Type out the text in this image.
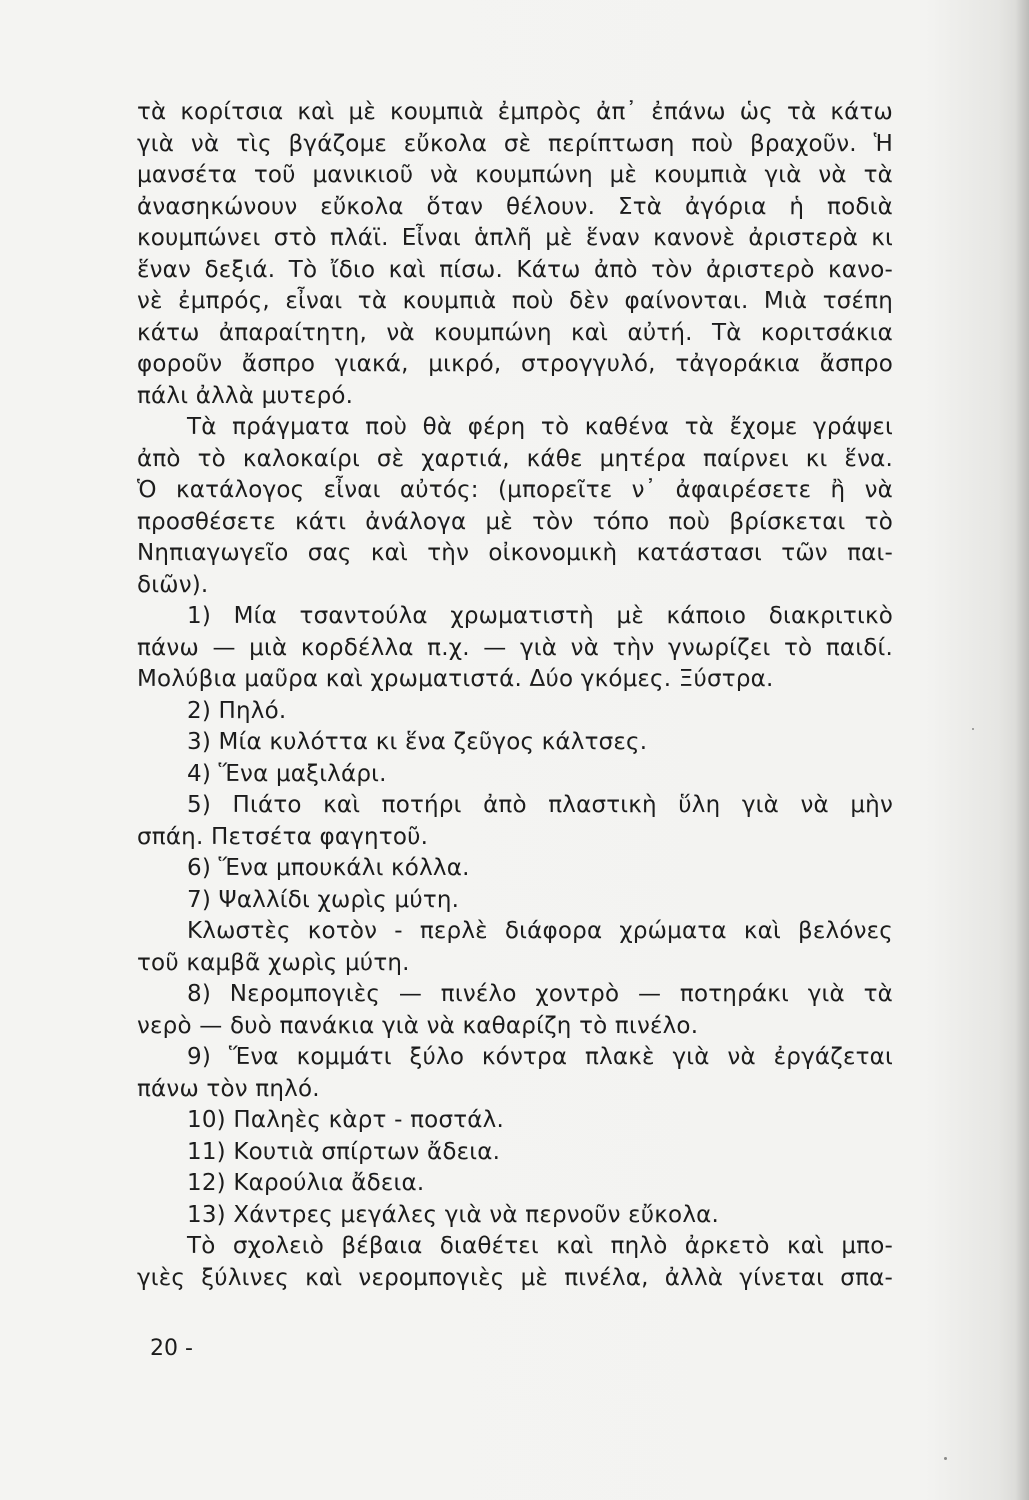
τὰ κορίτσια καὶ μὲ κουμπιὰ ἐμπρὸς ἀπ᾽ ἐπάνω ὡς τὰ κάτω
γιὰ νὰ τὶς βγάζομε εὔκολα σὲ περίπτωση ποὺ βραχοῦν. Ἡ
μανσέτα τοῦ μανικιοῦ νὰ κουμπώνη μὲ κουμπιὰ γιὰ νὰ τὰ
ἀνασηκώνουν εὔκολα ὅταν θέλουν. Στὰ ἀγόρια ἡ ποδιὰ
κουμπώνει στὸ πλάϊ. Εἶναι ἁπλῆ μὲ ἕναν κανονὲ ἀριστερὰ κι
ἕναν δεξιά. Τὸ ἴδιο καὶ πίσω. Κάτω ἀπὸ τὸν ἀριστερὸ κανο-
νὲ ἐμπρός, εἶναι τὰ κουμπιὰ ποὺ δὲν φαίνονται. Μιὰ τσέπη
κάτω ἀπαραίτητη, νὰ κουμπώνη καὶ αὐτή. Τὰ κοριτσάκια
φοροῦν ἄσπρο γιακά, μικρό, στρογγυλό, τἀγοράκια ἄσπρο
πάλι ἀλλὰ μυτερό.
Τὰ πράγματα ποὺ θὰ φέρη τὸ καθένα τὰ ἔχομε γράψει
ἀπὸ τὸ καλοκαίρι σὲ χαρτιά, κάθε μητέρα παίρνει κι ἕνα.
Ὁ κατάλογος εἶναι αὐτός: (μπορεῖτε ν᾽ ἀφαιρέσετε ἢ νὰ
προσθέσετε κάτι ἀνάλογα μὲ τὸν τόπο ποὺ βρίσκεται τὸ
Νηπιαγωγεῖο σας καὶ τὴν οἰκονομικὴ κατάστασι τῶν παι-
διῶν).
1) Μία τσαντούλα χρωματιστὴ μὲ κάποιο διακριτικὸ
πάνω — μιὰ κορδέλλα π.χ. — γιὰ νὰ τὴν γνωρίζει τὸ παιδί.
Μολύβια μαῦρα καὶ χρωματιστά. Δύο γκόμες. Ξύστρα.
2) Πηλό.
3) Μία κυλόττα κι ἕνα ζεῦγος κάλτσες.
4) Ἕνα μαξιλάρι.
5) Πιάτο καὶ ποτήρι ἀπὸ πλαστικὴ ὕλη γιὰ νὰ μὴν
σπάη. Πετσέτα φαγητοῦ.
6) Ἕνα μπουκάλι κόλλα.
7) Ψαλλίδι χωρὶς μύτη.
Κλωστὲς κοτὸν - περλὲ διάφορα χρώματα καὶ βελόνες
τοῦ καμβᾶ χωρὶς μύτη.
8) Νερομπογιὲς — πινέλο χοντρὸ — ποτηράκι γιὰ τὰ
νερὸ — δυὸ πανάκια γιὰ νὰ καθαρίζη τὸ πινέλο.
9) Ἕνα κομμάτι ξύλο κόντρα πλακὲ γιὰ νὰ ἐργάζεται
πάνω τὸν πηλό.
10) Παληὲς κὰρτ - ποστάλ.
11) Κουτιὰ σπίρτων ἄδεια.
12) Καρούλια ἄδεια.
13) Χάντρες μεγάλες γιὰ νὰ περνοῦν εὔκολα.
Τὸ σχολειὸ βέβαια διαθέτει καὶ πηλὸ ἀρκετὸ καὶ μπο-
γιὲς ξύλινες καὶ νερομπογιὲς μὲ πινέλα, ἀλλὰ γίνεται σπα-
20 -
